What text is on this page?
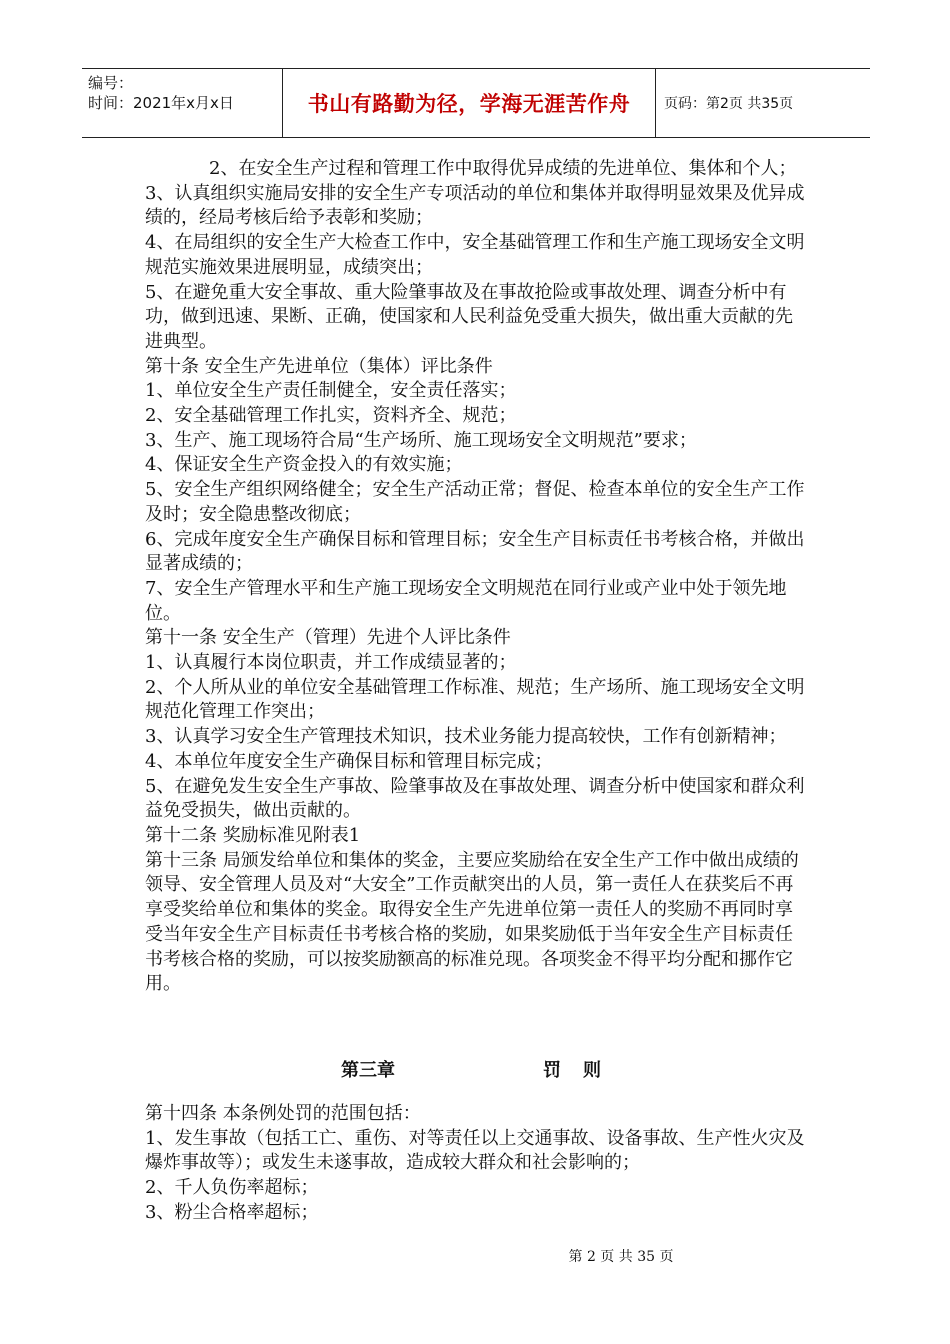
编号：
时间：2021年x月x日	书山有路勤为径，学海无涯苦作舟 页码：第2页 共35页

2、在安全生产过程和管理工作中取得优异成绩的先进单位、集体和个人；

3、认真组织实施局安排的安全生产专项活动的单位和集体并取得明显效果及优异成绩的，经局考核后给予表彰和奖励；

4、在局组织的安全生产大检查工作中，安全基础管理工作和生产施工现场安全文明规范实施效果进展明显，成绩突出；

5、在避免重大安全事故、重大险肇事故及在事故抢险或事故处理、调查分析中有功，做到迅速、果断、正确，使国家和人民利益免受重大损失，做出重大贡献的先进典型。

第十条 安全生产先进单位（集体）评比条件

1、单位安全生产责任制健全，安全责任落实；

2、安全基础管理工作扎实，资料齐全、规范；

3、生产、施工现场符合局“生产场所、施工现场安全文明规范”要求；

4、保证安全生产资金投入的有效实施；

5、安全生产组织网络健全；安全生产活动正常；督促、检查本单位的安全生产工作及时；安全隐患整改彻底；

6、完成年度安全生产确保目标和管理目标；安全生产目标责任书考核合格，并做出显著成绩的；

7、安全生产管理水平和生产施工现场安全文明规范在同行业或产业中处于领先地位。

第十一条 安全生产（管理）先进个人评比条件

1、认真履行本岗位职责，并工作成绩显著的；

2、个人所从业的单位安全基础管理工作标准、规范；生产场所、施工现场安全文明规范化管理工作突出；

3、认真学习安全生产管理技术知识，技术业务能力提高较快，工作有创新精神；

4、本单位年度安全生产确保目标和管理目标完成；

5、在避免发生安全生产事故、险肇事故及在事故处理、调查分析中使国家和群众利益免受损失，做出贡献的。

第十二条 奖励标准见附表1

第十三条 局颁发给单位和集体的奖金，主要应奖励给在安全生产工作中做出成绩的领导、安全管理人员及对“大安全”工作贡献突出的人员，第一责任人在获奖后不再享受奖给单位和集体的奖金。取得安全生产先进单位第一责任人的奖励不再同时享受当年安全生产目标责任书考核合格的奖励，如果奖励低于当年安全生产目标责任书考核合格的奖励，可以按奖励额高的标准兑现。各项奖金不得平均分配和挪作它用。

第三章	罚则

第十四条 本条例处罚的范围包括：

1、发生事故（包括工亡、重伤、对等责任以上交通事故、设备事故、生产性火灾及爆炸事故等）；或发生未遂事故，造成较大群众和社会影响的；

2、千人负伤率超标；

3、粉尘合格率超标；

第 2 页 共 35 页
